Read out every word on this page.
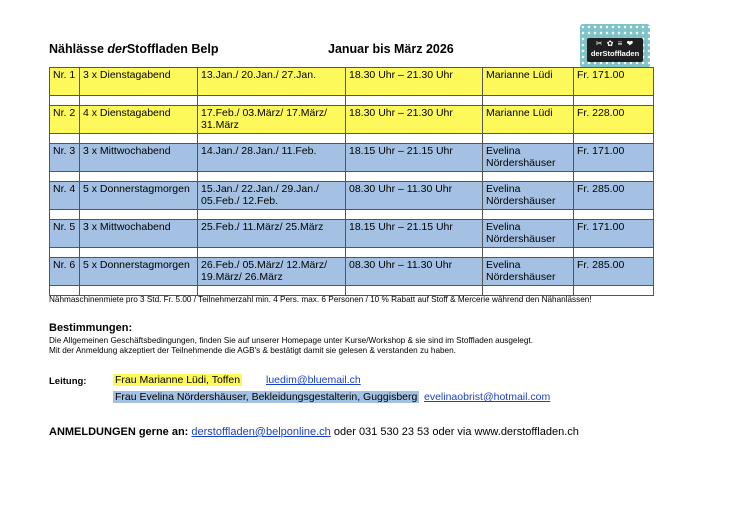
Nählässe derStoffladen Belp	Januar bis März 2026	✂ ✿ ≡ ❤
derStoffladen
Nr. 1	3 x Dienstagabend	13.Jan./ 20.Jan./ 27.Jan.	18.30 Uhr – 21.30 Uhr	Marianne Lüdi	Fr. 171.00

Nr. 2	4 x Dienstagabend	17.Feb./ 03.März/ 17.März/ 31.März	18.30 Uhr – 21.30 Uhr	Marianne Lüdi	Fr. 228.00

Nr. 3	3 x Mittwochabend	14.Jan./ 28.Jan./ 11.Feb.	18.15 Uhr – 21.15 Uhr	Evelina Nördershäuser	Fr. 171.00

Nr. 4	5 x Donnerstagmorgen	15.Jan./ 22.Jan./ 29.Jan./ 05.Feb./ 12.Feb.	08.30 Uhr – 11.30 Uhr	Evelina Nördershäuser	Fr. 285.00

Nr. 5	3 x Mittwochabend	25.Feb./ 11.März/ 25.März	18.15 Uhr – 21.15 Uhr	Evelina Nördershäuser	Fr. 171.00

Nr. 6	5 x Donnerstagmorgen	26.Feb./ 05.März/ 12.März/ 19.März/ 26.März	08.30 Uhr – 11.30 Uhr	Evelina Nördershäuser	Fr. 285.00

Nähmaschinenmiete pro 3 Std. Fr. 5.00 / Teilnehmerzahl min. 4 Pers. max. 6 Personen / 10 % Rabatt auf Stoff & Mercerie während den Nähanlässen!
Bestimmungen:
Die Allgemeinen Geschäftsbedingungen, finden Sie auf unserer Homepage unter Kurse/Workshop & sie sind im Stoffladen ausgelegt.
Mit der Anmeldung akzeptiert der Teilnehmende die AGB's & bestätigt damit sie gelesen & verstanden zu haben.
Leitung:	Frau Marianne Lüdi, Toffen luedim@bluemail.ch
Frau Evelina Nördershäuser, Bekleidungsgestalterin, Guggisberg evelinaobrist@hotmail.com
ANMELDUNGEN gerne an: derstoffladen@belponline.ch oder 031 530 23 53 oder via www.derstoffladen.ch
